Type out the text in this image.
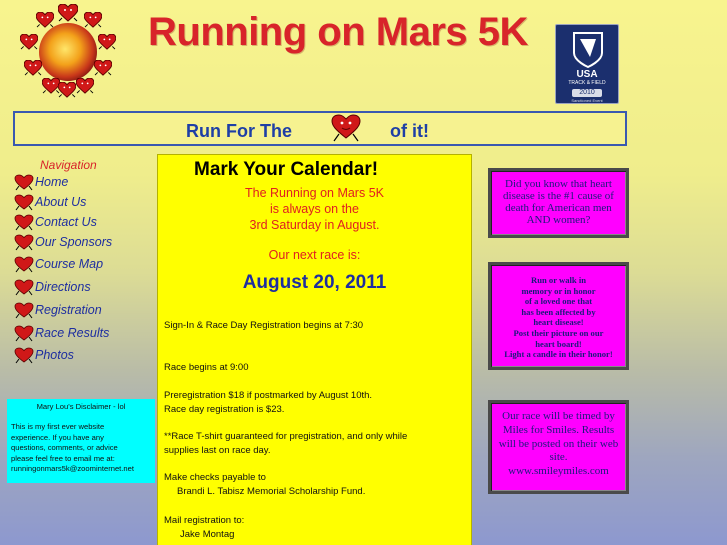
Running on Mars 5K
USA
TRACK & FIELD
2010
Sanctioned Event
Run For The	of it!
Navigation
Home
About Us
Contact Us
Our Sponsors
Course Map
Directions
Registration
Race Results
Photos
Mary Lou's Disclaimer - lol
This is my first ever website
experience. If you have any
questions, comments, or advice
please feel free to email me at:
runningonmars5k@zoominternet.net
Mark Your Calendar!
The Running on Mars 5K
is always on the
3rd Saturday in August.
Our next race is:
August 20, 2011
Sign-In & Race Day Registration begins at 7:30
Race begins at 9:00
Preregistration $18 if postmarked by August 10th.
Race day registration is $23.
**Race T-shirt guaranteed for pregistration, and only while
supplies last on race day.
Make checks payable to
Brandi L. Tabisz Memorial Scholarship Fund.
Mail registration to:
Jake Montag
Did you know that heart
disease is the #1 cause of
death for American men
AND women?
Run or walk in
memory or in honor
of a loved one that
has been affected by
heart disease!
Post their picture on our
heart board!
Light a candle in their honor!
Our race will be timed by
Miles for Smiles. Results
will be posted on their web
site.
www.smileymiles.com
